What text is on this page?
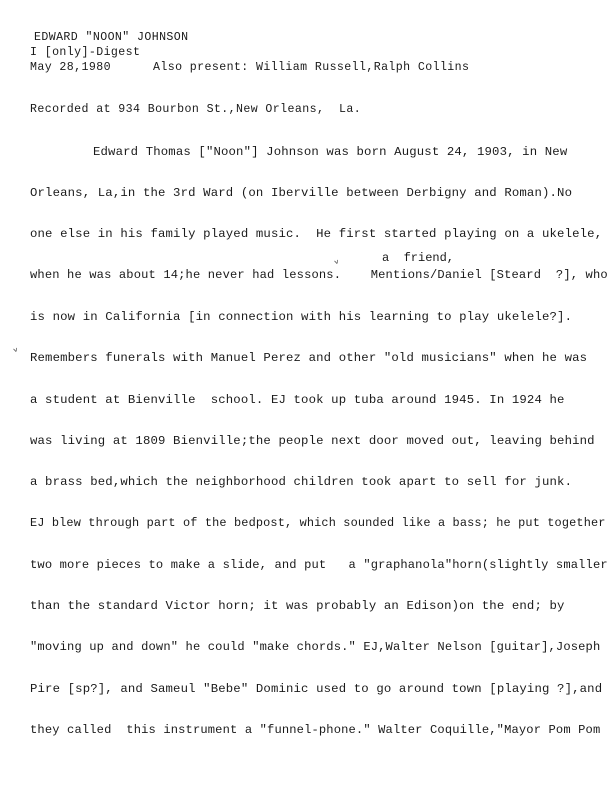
EDWARD "NOON" JOHNSON
I [only]-Digest
May 28,1980	Also present: William Russell,Ralph Collins
Recorded at 934 Bourbon St.,New Orleans,  La.
Edward Thomas ["Noon"] Johnson was born August 24, 1903, in New
Orleans, La,in the 3rd Ward (on Iberville between Derbigny and Roman).No
one else in his family played music.  He first started playing on a ukelele,
a  friend,
ᵛ
when he was about 14;he never had lessons.    Mentions/Daniel [Steard  ?], who
is now in California [in connection with his learning to play ukelele?].
ᵛ Remembers funerals with Manuel Perez and other "old musicians" when he was
a student at Bienville  school. EJ took up tuba around 1945. In 1924 he
was living at 1809 Bienville;the people next door moved out, leaving behind
a brass bed,which the neighborhood children took apart to sell for junk.
EJ blew through part of the bedpost, which sounded like a bass; he put together
two more pieces to make a slide, and put   a "graphanola"horn(slightly smaller
than the standard Victor horn; it was probably an Edison)on the end; by
"moving up and down" he could "make chords." EJ,Walter Nelson [guitar],Joseph
Pire [sp?], and Sameul "Bebe" Dominic used to go around town [playing ?],and
they called  this instrument a "funnel-phone." Walter Coquille,"Mayor Pom Pom
